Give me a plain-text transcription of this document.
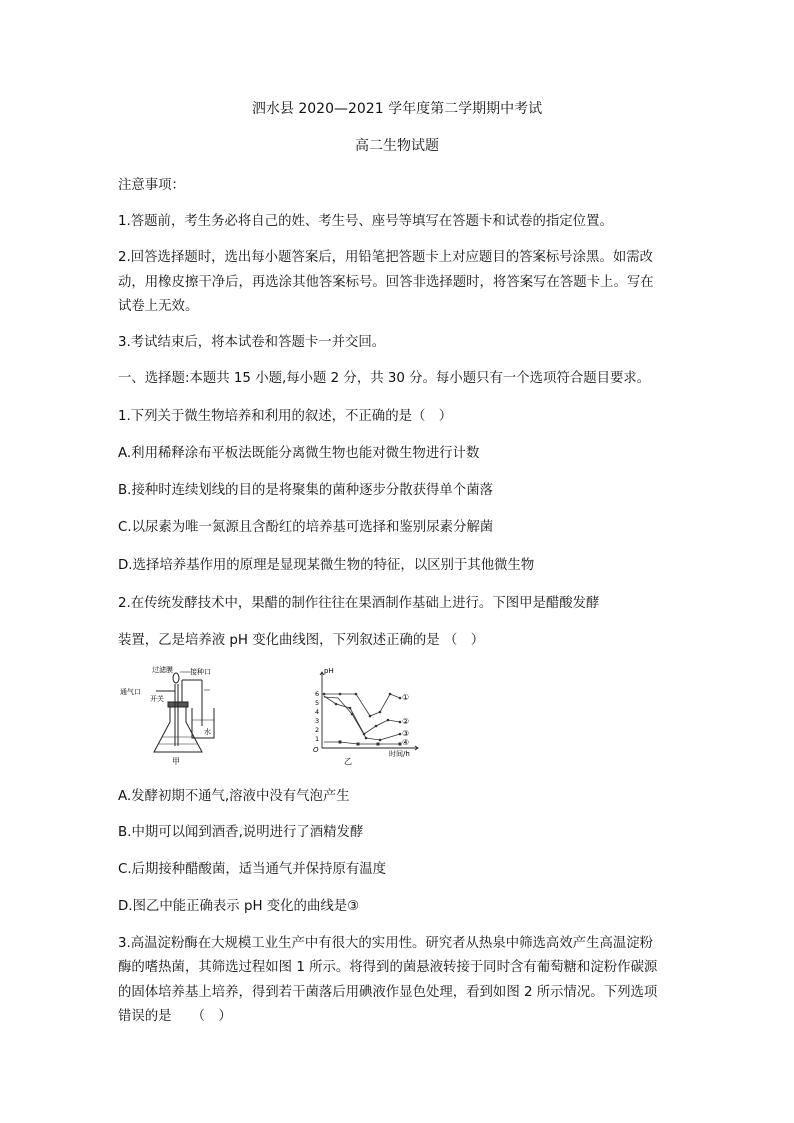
泗水县 2020—2021 学年度第二学期期中考试
高二生物试题
注意事项：
1.答题前，考生务必将自己的姓、考生号、座号等填写在答题卡和试卷的指定位置。
2.回答选择题时，选出每小题答案后，用铅笔把答题卡上对应题目的答案标号涂黑。如需改
动，用橡皮擦干净后，再选涂其他答案标号。回答非选择题时，将答案写在答题卡上。写在
试卷上无效。
3.考试结束后，将本试卷和答题卡一并交回。
一、选择题:本题共 15 小题,每小题 2 分，共 30 分。每小题只有一个选项符合题目要求。
1.下列关于微生物培养和利用的叙述，不正确的是（　）
A.利用稀释涂布平板法既能分离微生物也能对微生物进行计数
B.接种时连续划线的目的是将聚集的菌种逐步分散获得单个菌落
C.以尿素为唯一氮源且含酚红的培养基可选择和鉴别尿素分解菌
D.选择培养基作用的原理是显现某微生物的特征，以区别于其他微生物
2.在传统发酵技术中，果醋的制作往往在果酒制作基础上进行。下图甲是醋酸发酵
装置，乙是培养液 pH 变化曲线图，下列叙述正确的是 （　）
过滤膜 接种口
通气口
开关
水
甲
pH
时间/h
O
6
5
4
3
2
1
①
②
③
④
乙
A.发酵初期不通气,溶液中没有气泡产生
B.中期可以闻到酒香,说明进行了酒精发酵
C.后期接种醋酸菌，适当通气并保持原有温度
D.图乙中能正确表示 pH 变化的曲线是③
3.高温淀粉酶在大规模工业生产中有很大的实用性。研究者从热泉中筛选高效产生高温淀粉
酶的嗜热菌，其筛选过程如图 1 所示。将得到的菌悬液转接于同时含有葡萄糖和淀粉作碳源
的固体培养基上培养，得到若干菌落后用碘液作显色处理，看到如图 2 所示情况。下列选项
错误的是　　（　）
